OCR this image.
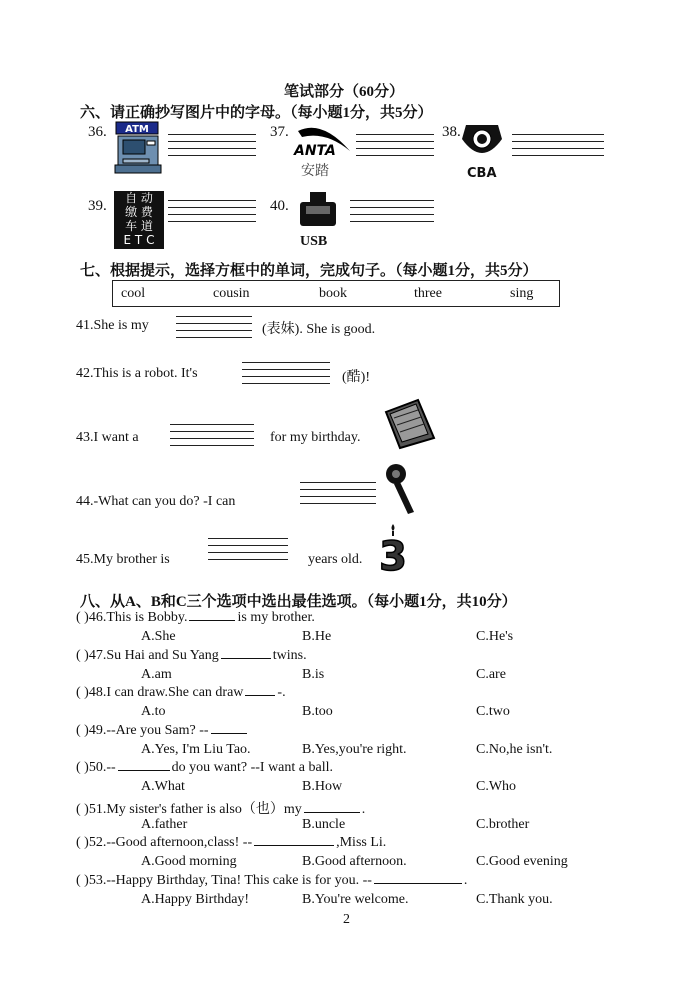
笔试部分（60分）
六、请正确抄写图片中的字母。（每小题1分，共5分）
36. ATM	37.
ANTA
安踏
38.
CBA
39.	自 动
缴 费
车 道
E T C
40.
USB
七、根据提示，选择方框中的单词，完成句子。（每小题1分，共5分）
cool	cousin	book	three	sing
41.She is my	(表妹). She is good.
42.This is a robot. It's	(酷)!
43.I want a	for my birthday.
44.-What can you do? -I can
45.My brother is	years old. 3
八、从A、B和C三个选项中选出最佳选项。（每小题1分，共10分）
( )46.This is Bobby.	is my brother.
A.She	B.He	C.He's
( )47.Su Hai and Su Yang	twins.
A.am	B.is	C.are
( )48.I can draw.She can draw -.
A.to	B.too	C.two
( )49.--Are you Sam? --
A.Yes, I'm Liu Tao.	B.Yes,you're right.	C.No,he isn't.
( )50.--	do you want? --I want a ball.
A.What	B.How	C.Who
( )51.My sister's father is also（也）my	.
A.father	B.uncle	C.brother
( )52.--Good afternoon,class! --	,Miss Li.
A.Good morning	B.Good afternoon.	C.Good evening
( )53.--Happy Birthday, Tina! This cake is for you. --	.
A.Happy Birthday!	B.You're welcome.	C.Thank you.
2
